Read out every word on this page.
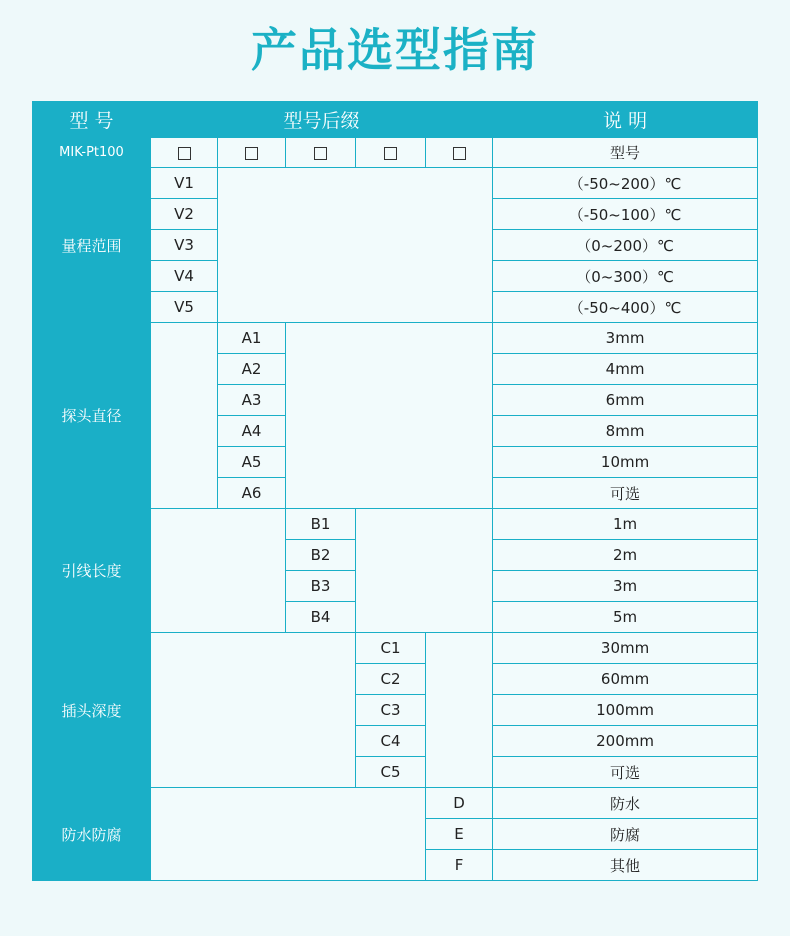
产品选型指南
型 号	型号后缀					说 明
MIK-Pt100						型号
量程范围	V1					（-50~200）℃
	V2					（-50~100）℃
	V3					（0~200）℃
	V4					（0~300）℃
	V5					（-50~400）℃
探头直径		A1				3mm
		A2				4mm
		A3				6mm
		A4				8mm
		A5				10mm
		A6				可选
引线长度			B1			1m
			B2			2m
			B3			3m
			B4			5m
插头深度				C1		30mm
				C2		60mm
				C3		100mm
				C4		200mm
				C5		可选
防水防腐					D	防水
					E	防腐
					F	其他
